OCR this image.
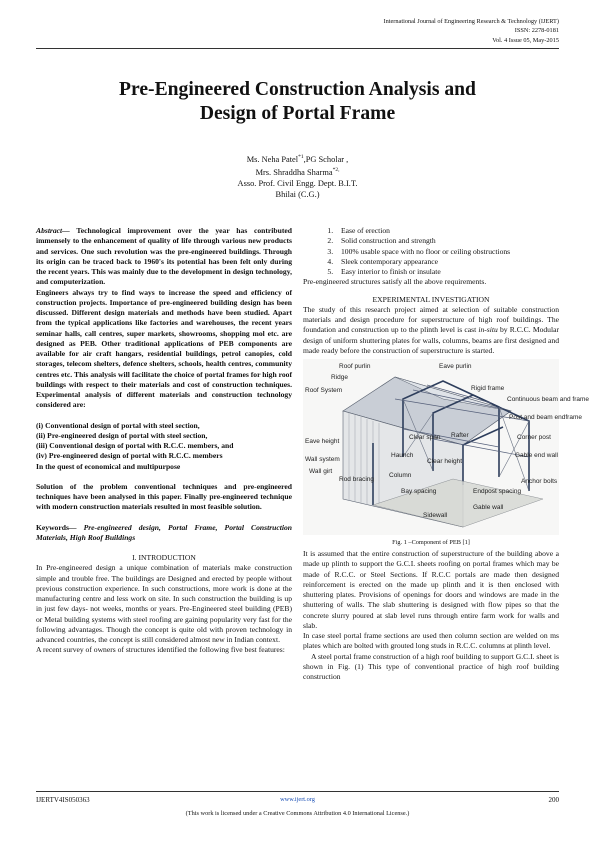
International Journal of Engineering Research & Technology (IJERT)
ISSN: 2278-0181
Vol. 4 Issue 05, May-2015
Pre-Engineered Construction Analysis and
Design of Portal Frame
Ms. Neha Patel$^{*1}$,PG Scholar ,
Mrs. Shraddha Sharma$^{*2,}$
Asso. Prof. Civil Engg. Dept. B.I.T.
Bhilai (C.G.)

Abstract— Technological improvement over the year has contributed immensely to the enhancement of quality of life through various new products and services. One such revolution was the pre-engineered buildings. Through its origin can be traced back to 1960's its potential has been felt only during the recent years. This was mainly due to the development in design technology, and computerization.

Engineers always try to find ways to increase the speed and efficiency of construction projects. Importance of pre-engineered building design has been discussed. Different design materials and methods have been studied. Apart from the typical applications like factories and warehouses, the recent years seminar halls, call centres, super markets, showrooms, shopping mol etc. are designed as PEB. Other traditional applications of PEB components are available for air craft hangars, residential buildings, petrol canopies, cold storages, telecom shelters, defence shelters, schools, health centres, community centres etc. This analysis will facilitate the choice of portal frames for high roof buildings with respect to their materials and cost of construction techniques. Experimental analysis of different materials and construction technology considered are:

(i) Conventional design of portal with steel section,
(ii) Pre-engineered design of portal with steel section,
(iii) Conventional design of portal with R.C.C. members, and
(iv) Pre-engineered design of portal with R.C.C. members
In the quest of economical and multipurpose

Solution of the problem conventional techniques and pre-engineered techniques have been analysed in this paper. Finally pre-engineered technique with modern construction materials resulted in most feasible solution.

Keywords— Pre-engineered design, Portal Frame, Portal Construction Materials, High Roof Buildings

I. INTRODUCTION

In Pre-engineered design a unique combination of materials make construction simple and trouble free. The buildings are Designed and erected by people without previous construction experience. In such constructions, more work is done at the manufacturing centre and less work on site. In such construction the building is up in just few days- not weeks, months or years. Pre-Engineered steel building (PEB) or Metal building systems with steel roofing are gaining popularity very fast for the following advantages. Though the concept is quite old with proven technology in advanced countries, the concept is still considered almost new in Indian context.

A recent survey of owners of structures identified the following five best features:

1. Ease of erection
2. Solid construction and strength
3. 100% usable space with no floor or ceiling obstructions
4. Sleek contemporary appearance
5. Easy interior to finish or insulate

Pre-engineered structures satisfy all the above requirements.

EXPERIMENTAL INVESTIGATION

The study of this research project aimed at selection of suitable construction materials and design procedure for superstructure of high roof buildings. The foundation and construction up to the plinth level is cast in-situ by R.C.C. Modular design of uniform shuttering plates for walls, columns, beams are first designed and made ready before the construction of superstructure is started.

Roof purlin	Eave purlin
Ridge
Roof System	Rigid frame
Continuous beam and frame
Post and beam endframe
Eave height
Clear span Rafter	Corner post
Wall system
Wall girt
Haunch
Column
Clear height
Gable end wall
Rod bracing
Bay spacing	Endpost spacing
Anchor bolts
Sidewall
Gable wall

Fig. 1 –Component of PEB [1]

It is assumed that the entire construction of superstructure of the building above a made up plinth to support the G.C.I. sheets roofing on portal frames which may be made of R.C.C. or Steel Sections. If R.C.C portals are made then designed reinforcement is erected on the made up plinth and it is then enclosed with shuttering plates. Provisions of openings for doors and windows are made in the shuttering of walls. The slab shuttering is designed with flow pipes so that the concrete slurry poured at slab level runs through entire farm work for walls and slab.

In case steel portal frame sections are used then column section are welded on ms plates which are bolted with grouted long studs in R.C.C. columns at plinth level.

A steel portal frame construction of a high roof building to support G.C.I. sheet is shown in Fig. (1) This type of conventional practice of high roof building construction

IJERTV4IS050363	www.ijert.org	200
(This work is licensed under a Creative Commons Attribution 4.0 International License.)
